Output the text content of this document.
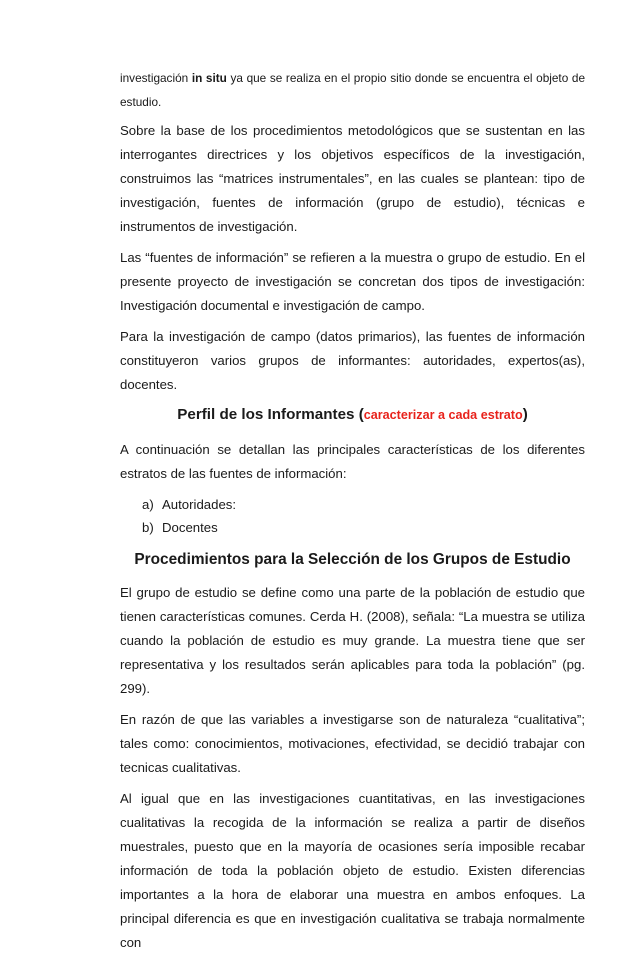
investigación in situ ya que se realiza en el propio sitio donde se encuentra el objeto de estudio.

Sobre la base de los procedimientos metodológicos que se sustentan en las interrogantes directrices y los objetivos específicos de la investigación, construimos las “matrices instrumentales”, en las cuales se plantean: tipo de investigación, fuentes de información (grupo de estudio), técnicas e instrumentos de investigación.

Las “fuentes de información” se refieren a la muestra o grupo de estudio. En el presente proyecto de investigación se concretan dos tipos de investigación: Investigación documental e investigación de campo.

Para la investigación de campo (datos primarios), las fuentes de información constituyeron varios grupos de informantes: autoridades, expertos(as), docentes.

Perfil de los Informantes (caracterizar a cada estrato)

A continuación se detallan las principales características de los diferentes estratos de las fuentes de información:

a) Autoridades:
b) Docentes
Procedimientos para la Selección de los Grupos de Estudio

El grupo de estudio se define como una parte de la población de estudio que tienen características comunes. Cerda H. (2008), señala: “La muestra se utiliza cuando la población de estudio es muy grande. La muestra tiene que ser representativa y los resultados serán aplicables para toda la población” (pg. 299).

En razón de que las variables a investigarse son de naturaleza “cualitativa”; tales como: conocimientos, motivaciones, efectividad, se decidió trabajar con tecnicas cualitativas.

Al igual que en las investigaciones cuantitativas, en las investigaciones cualitativas la recogida de la información se realiza a partir de diseños muestrales, puesto que en la mayoría de ocasiones sería imposible recabar información de toda la población objeto de estudio. Existen diferencias importantes a la hora de elaborar una muestra en ambos enfoques. La principal diferencia es que en investigación cualitativa se trabaja normalmente con
